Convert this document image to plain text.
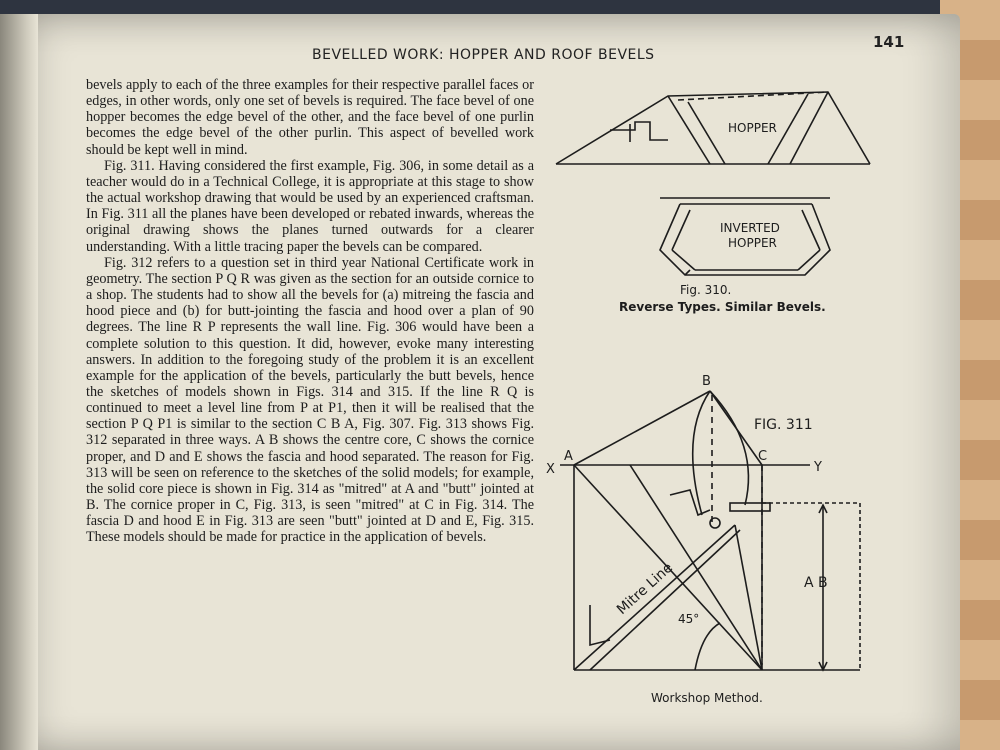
BEVELLED WORK: HOPPER AND ROOF BEVELS
141

bevels apply to each of the three examples for their respective parallel faces or edges, in other words, only one set of bevels is required. The face bevel of one hopper becomes the edge bevel of the other, and the face bevel of one purlin becomes the edge bevel of the other purlin. This aspect of bevelled work should be kept well in mind.

Fig. 311. Having considered the first example, Fig. 306, in some detail as a teacher would do in a Technical College, it is appropriate at this stage to show the actual workshop drawing that would be used by an experienced craftsman. In Fig. 311 all the planes have been developed or rebated inwards, whereas the original drawing shows the planes turned outwards for a clearer understanding. With a little tracing paper the bevels can be compared.

Fig. 312 refers to a question set in third year National Certificate work in geometry. The section P Q R was given as the section for an outside cornice to a shop. The students had to show all the bevels for (a) mitreing the fascia and hood piece and (b) for butt-jointing the fascia and hood over a plan of 90 degrees. The line R P represents the wall line. Fig. 306 would have been a complete solution to this question. It did, however, evoke many interesting answers. In addition to the foregoing study of the problem it is an excellent example for the application of the bevels, particularly the butt bevels, hence the sketches of models shown in Figs. 314 and 315. If the line R Q is continued to meet a level line from P at P1, then it will be realised that the section P Q P1 is similar to the section C B A, Fig. 307. Fig. 313 shows Fig. 312 separated in three ways. A B shows the centre core, C shows the cornice proper, and D and E shows the fascia and hood separated. The reason for Fig. 313 will be seen on reference to the sketches of the solid models; for example, the solid core piece is shown in Fig. 314 as "mitred" at A and "butt" jointed at B. The cornice proper in C, Fig. 313, is seen "mitred" at C in Fig. 314. The fascia D and hood E in Fig. 313 are seen "butt" jointed at D and E, Fig. 315. These models should be made for practice in the application of bevels.

HOPPER
INVERTED
HOPPER
Fig. 310.
Reverse Types. Similar Bevels.
B
FIG. 311
A
X
C
Y
Mitre Line
45°
A B
Workshop Method.
